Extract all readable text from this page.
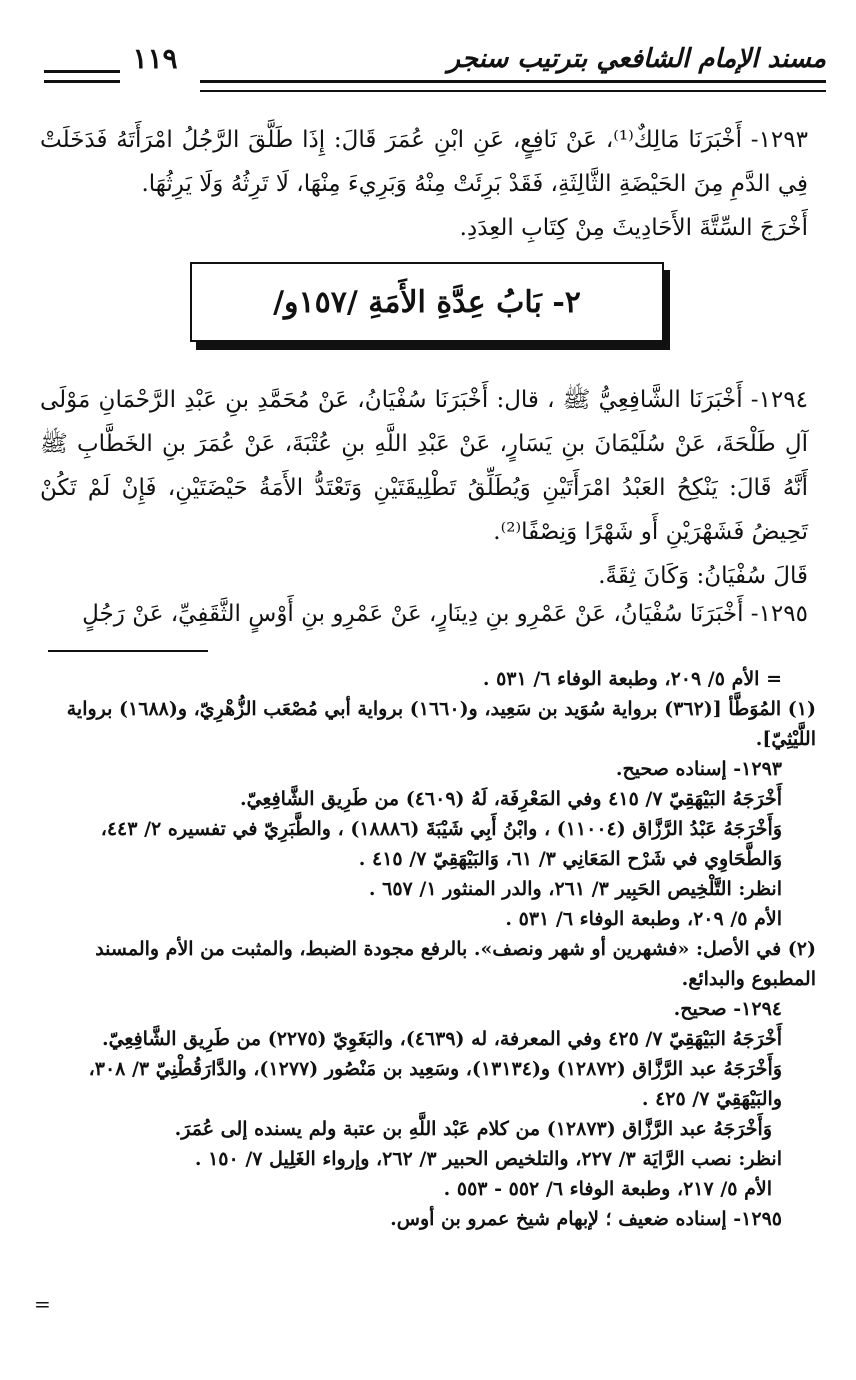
مسند الإمام الشافعي بترتيب سنجر
١١٩
١٢٩٣- أَخْبَرَنَا مَالِكٌ⁽¹⁾، عَنْ نَافِعٍ، عَنِ ابْنِ عُمَرَ قَالَ: إِذَا طَلَّقَ الرَّجُلُ امْرَأَتَهُ فَدَخَلَتْ فِي الدَّمِ مِنَ الحَيْضَةِ الثَّالِثَةِ، فَقَدْ بَرِئَتْ مِنْهُ وَبَرِيءَ مِنْهَا، لَا تَرِثُهُ وَلَا يَرِثُهَا.
أَخْرَجَ السِّتَّةَ الأَحَادِيثَ مِنْ كِتَابِ العِدَدِ.
٢- بَابُ عِدَّةِ الأَمَةِ /١٥٧و/
١٢٩٤- أَخْبَرَنَا الشَّافِعِيُّ ﷺ ، قال: أَخْبَرَنَا سُفْيَانُ، عَنْ مُحَمَّدِ بنِ عَبْدِ الرَّحْمَانِ مَوْلَى آلِ طَلْحَةَ، عَنْ سُلَيْمَانَ بنِ يَسَارٍ، عَنْ عَبْدِ اللَّهِ بنِ عُتْبَةَ، عَنْ عُمَرَ بنِ الخَطَّابِ ﷺ أَنَّهُ قَالَ: يَنْكِحُ العَبْدُ امْرَأَتَيْنِ وَيُطَلِّقُ تَطْلِيقَتَيْنِ وَتَعْتَدُّ الأَمَةُ حَيْضَتَيْنِ، فَإِنْ لَمْ تَكُنْ تَحِيضُ فَشَهْرَيْنِ أَو شَهْرًا وَنِصْفًا⁽²⁾.
قَالَ سُفْيَانُ: وَكَانَ ثِقَةً.
١٢٩٥- أَخْبَرَنَا سُفْيَانُ، عَنْ عَمْرِو بنِ دِينَارٍ، عَنْ عَمْرِو بنِ أَوْسٍ الثَّقَفِيِّ، عَنْ رَجُلٍ
= الأم ٥/ ٢٠٩، وطبعة الوفاء ٦/ ٥٣١ .
(١) المُوَطَّأ [(٣٦٢) برواية سُوَيد بن سَعِيد، و(١٦٦٠) برواية أبي مُصْعَب الزُّهْرِيّ، و(١٦٨٨) برواية اللَّيْثِيّ].
١٢٩٣- إسناده صحيح.
أَخْرَجَهُ البَيْهَقِيّ ٧/ ٤١٥ وفي المَعْرِفَة، لَهُ (٤٦٠٩) من طَرِيق الشَّافِعِيّ.
وَأَخْرَجَهُ عَبْدُ الرَّزَّاق (١١٠٠٤) ، وابْنُ أَبِي شَيْبَةَ (١٨٨٨٦) ، والطَّبَرِيّ في تفسيره ٢/ ٤٤٣، وَالطَّحَاوِي في شَرْح المَعَانِي ٣/ ٦١، وَالبَيْهَقِيّ ٧/ ٤١٥ .
انظر: التَّلْخِيص الحَبِير ٣/ ٢٦١، والدر المنثور ١/ ٦٥٧ .
الأم ٥/ ٢٠٩، وطبعة الوفاء ٦/ ٥٣١ .
(٢) في الأصل: «فشهرين أو شهر ونصف». بالرفع مجودة الضبط، والمثبت من الأم والمسند المطبوع والبدائع.
١٢٩٤- صحيح.
أَخْرَجَهُ البَيْهَقِيّ ٧/ ٤٢٥ وفي المعرفة، له (٤٦٣٩)، والبَغَوِيّ (٢٢٧٥) من طَرِيق الشَّافِعِيّ.
وَأَخْرَجَهُ عبد الرَّزَّاق (١٢٨٧٢) و(١٣١٣٤)، وسَعِيد بن مَنْصُور (١٢٧٧)، والدَّارَقُطْنِيّ ٣/ ٣٠٨، والبَيْهَقِيّ ٧/ ٤٢٥ .
وَأَخْرَجَهُ عبد الرَّزَّاق (١٢٨٧٣) من كلام عَبْد اللَّهِ بن عتبة ولم يسنده إلى عُمَرَ.
انظر: نصب الرَّايَة ٣/ ٢٢٧، والتلخيص الحبير ٣/ ٢٦٢، وإرواء الغَلِيل ٧/ ١٥٠ .
الأم ٥/ ٢١٧، وطبعة الوفاء ٦/ ٥٥٢ - ٥٥٣ .
١٢٩٥- إسناده ضعيف ؛ لإبهام شيخ عمرو بن أوس.
=
